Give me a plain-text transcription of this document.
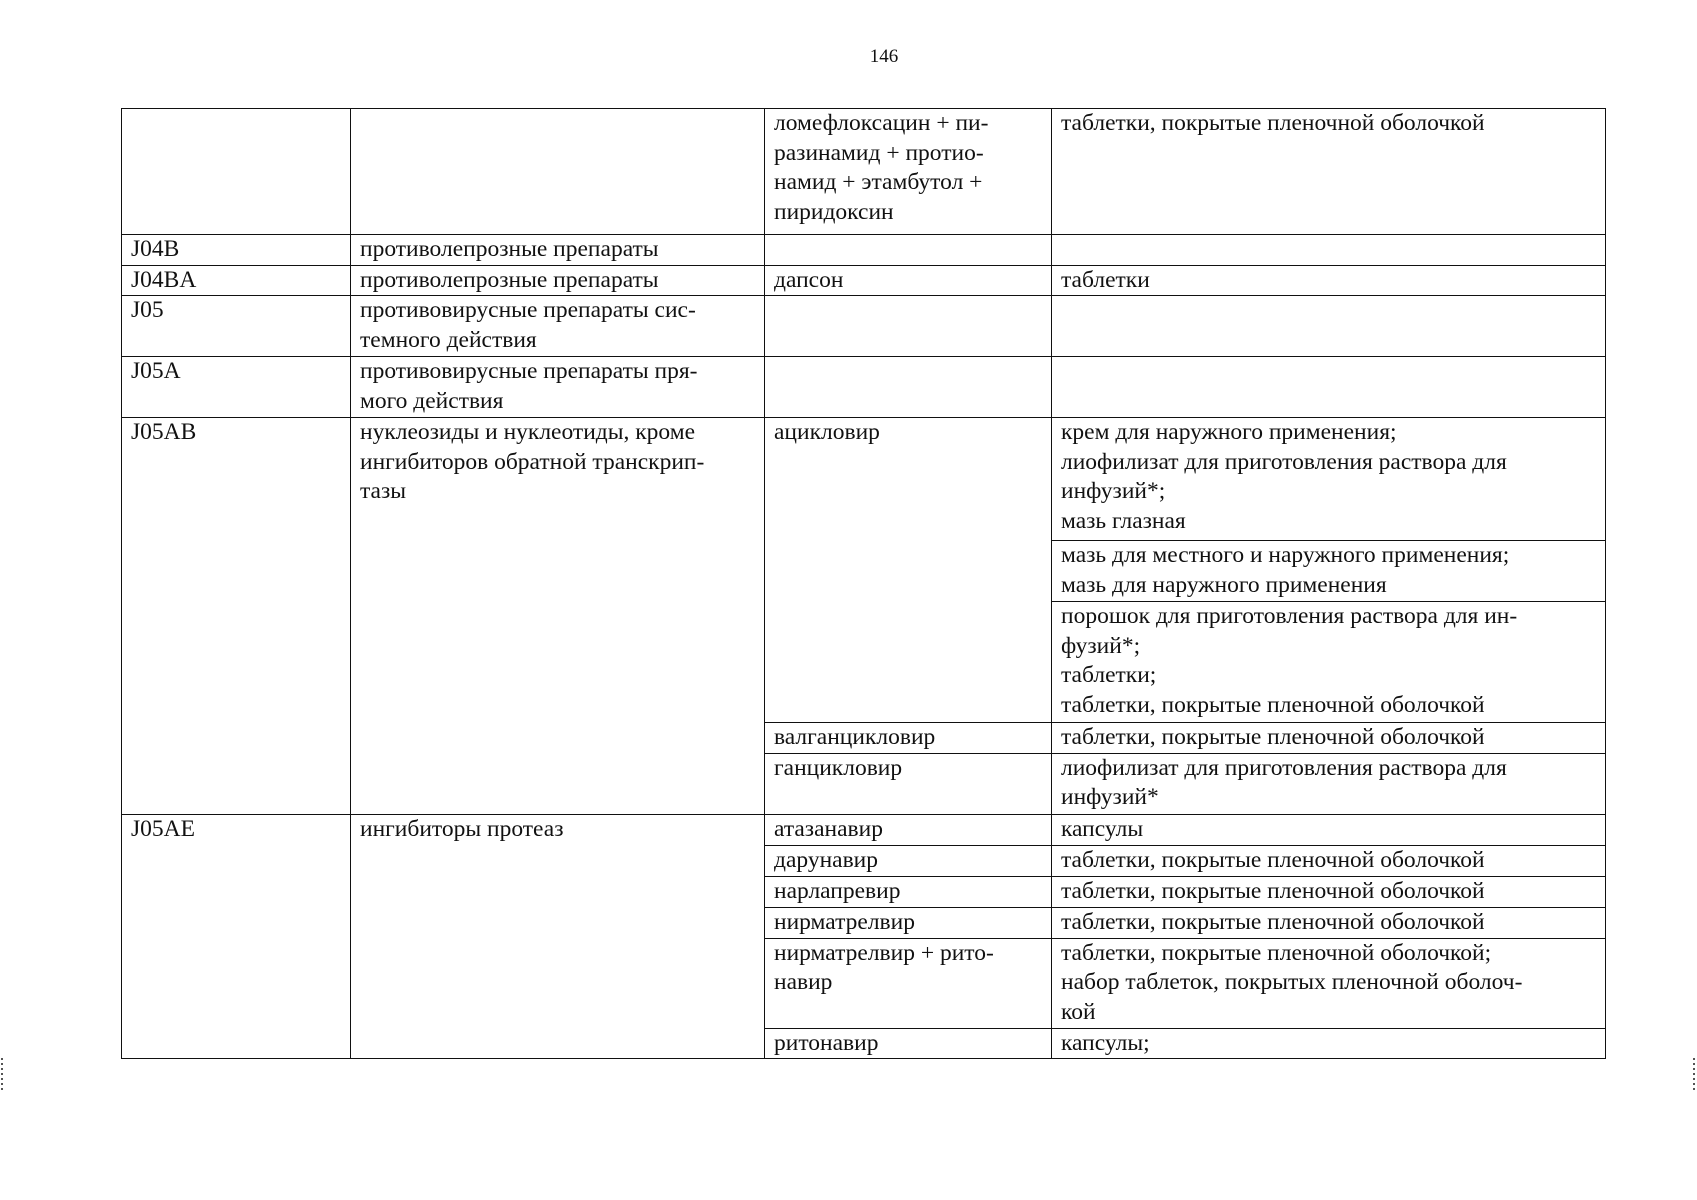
146

		ломефлоксацин + пи-
разинамид + протио-
намид + этамбутол +
пиридоксин	таблетки, покрытые пленочной оболочкой

J04B	противолепрозные препараты		

J04BA	противолепрозные препараты	дапсон	таблетки

J05	противовирусные препараты сис-
темного действия		

J05A	противовирусные препараты пря-
мого действия		

J05AB	нуклеозиды и нуклеотиды, кроме
ингибиторов обратной транскрип-
тазы	ацикловир	крем для наружного применения;
лиофилизат для приготовления раствора для
инфузий*;
мазь глазная

			мазь для местного и наружного применения;
мазь для наружного применения

			порошок для приготовления раствора для ин-
фузий*;
таблетки;
таблетки, покрытые пленочной оболочкой

		валганцикловир	таблетки, покрытые пленочной оболочкой

		ганцикловир	лиофилизат для приготовления раствора для
инфузий*

J05AE	ингибиторы протеаз	атазанавир	капсулы

		дарунавир	таблетки, покрытые пленочной оболочкой

		нарлапревир	таблетки, покрытые пленочной оболочкой

		нирматрелвир	таблетки, покрытые пленочной оболочкой

		нирматрелвир + рито-
навир	таблетки, покрытые пленочной оболочкой;
набор таблеток, покрытых пленочной оболоч-
кой

		ритонавир	капсулы;
